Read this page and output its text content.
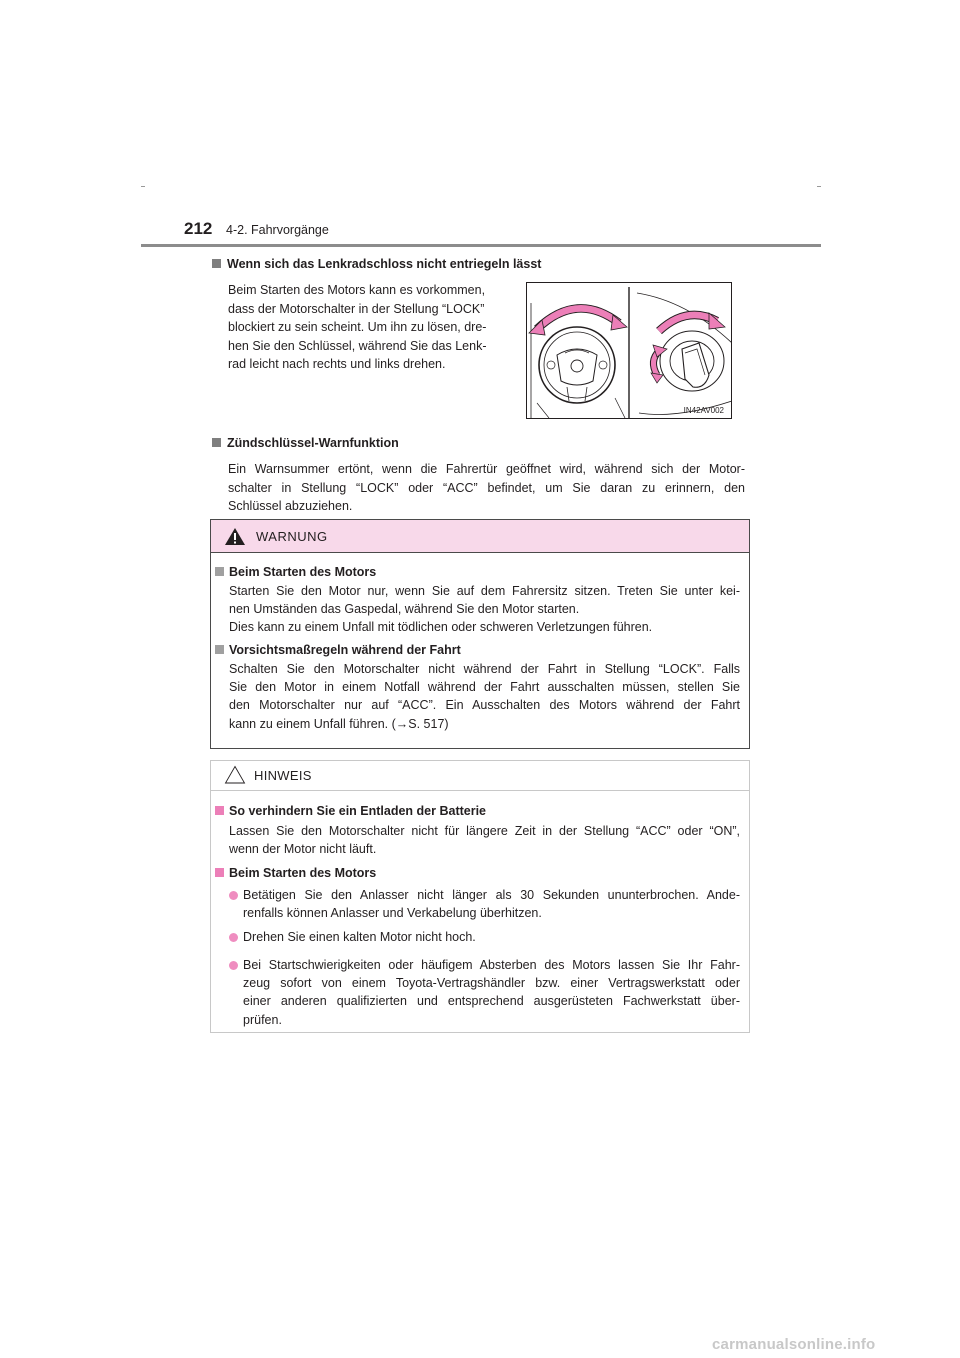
212 4-2. Fahrvorgänge
Wenn sich das Lenkradschloss nicht entriegeln lässt
Beim Starten des Motors kann es vorkommen,
dass der Motorschalter in der Stellung “LOCK”
blockiert zu sein scheint. Um ihn zu lösen, dre-
hen Sie den Schlüssel, während Sie das Lenk-
rad leicht nach rechts und links drehen.
IN42AV002
Zündschlüssel-Warnfunktion
Ein Warnsummer ertönt, wenn die Fahrertür geöffnet wird, während sich der Motor-
schalter in Stellung “LOCK” oder “ACC” befindet, um Sie daran zu erinnern, den
Schlüssel abzuziehen.
WARNUNG
Beim Starten des Motors
Starten Sie den Motor nur, wenn Sie auf dem Fahrersitz sitzen. Treten Sie unter kei-
nen Umständen das Gaspedal, während Sie den Motor starten.
Dies kann zu einem Unfall mit tödlichen oder schweren Verletzungen führen.
Vorsichtsmaßregeln während der Fahrt
Schalten Sie den Motorschalter nicht während der Fahrt in Stellung “LOCK”. Falls
Sie den Motor in einem Notfall während der Fahrt ausschalten müssen, stellen Sie
den Motorschalter nur auf “ACC”. Ein Ausschalten des Motors während der Fahrt
kann zu einem Unfall führen. (→S. 517)
HINWEIS
So verhindern Sie ein Entladen der Batterie
Lassen Sie den Motorschalter nicht für längere Zeit in der Stellung “ACC” oder “ON”,
wenn der Motor nicht läuft.
Beim Starten des Motors
Betätigen Sie den Anlasser nicht länger als 30 Sekunden ununterbrochen. Ande-
renfalls können Anlasser und Verkabelung überhitzen.
Drehen Sie einen kalten Motor nicht hoch.
Bei Startschwierigkeiten oder häufigem Absterben des Motors lassen Sie Ihr Fahr-
zeug sofort von einem Toyota-Vertragshändler bzw. einer Vertragswerkstatt oder
einer anderen qualifizierten und entsprechend ausgerüsteten Fachwerkstatt über-
prüfen.
carmanualsonline.info
